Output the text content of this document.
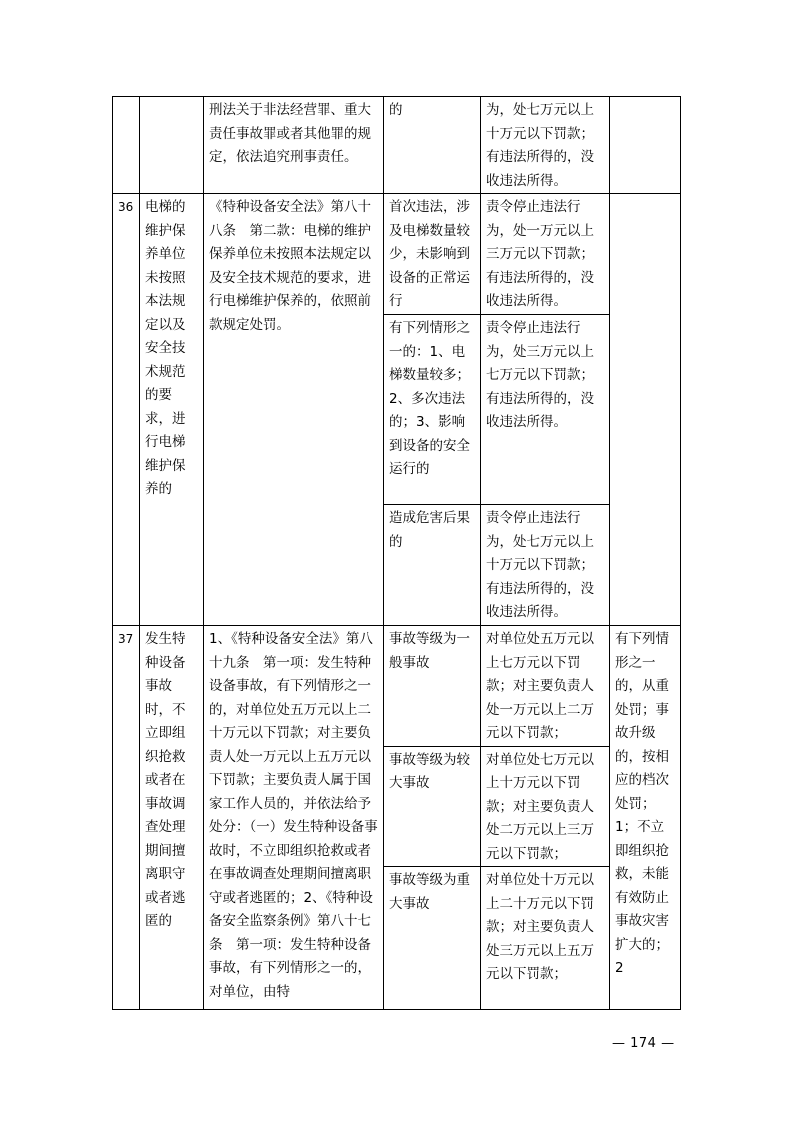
		刑法关于非法经营罪、重大责任事故罪或者其他罪的规定，依法追究刑事责任。	的	为，处七万元以上十万元以下罚款；有违法所得的，没收违法所得。	
36	电梯的维护保养单位未按照本法规定以及安全技术规范的要求，进行电梯维护保养的	《特种设备安全法》第八十八条　第二款：电梯的维护保养单位未按照本法规定以及安全技术规范的要求，进行电梯维护保养的，依照前款规定处罚。	首次违法，涉及电梯数量较少，未影响到设备的正常运行	责令停止违法行为，处一万元以上三万元以下罚款；有违法所得的，没收违法所得。	
			有下列情形之一的：1、电梯数量较多；2、多次违法的；3、影响到设备的安全运行的	责令停止违法行为，处三万元以上七万元以下罚款；有违法所得的，没收违法所得。	
			造成危害后果的	责令停止违法行为，处七万元以上十万元以下罚款；有违法所得的，没收违法所得。	
37	发生特种设备事故时，不立即组织抢救或者在事故调查处理期间擅离职守或者逃匿的	1、《特种设备安全法》第八十九条　第一项：发生特种设备事故，有下列情形之一的，对单位处五万元以上二十万元以下罚款；对主要负责人处一万元以上五万元以下罚款；主要负责人属于国家工作人员的，并依法给予处分：（一）发生特种设备事故时，不立即组织抢救或者在事故调查处理期间擅离职守或者逃匿的；2、《特种设备安全监察条例》第八十七条　第一项：发生特种设备事故，有下列情形之一的，对单位，由特	事故等级为一般事故	对单位处五万元以上七万元以下罚款；对主要负责人处一万元以上二万元以下罚款；	有下列情形之一的，从重处罚；事故升级的，按相应的档次处罚；1；不立即组织抢救，未能有效防止事故灾害扩大的；2
			事故等级为较大事故	对单位处七万元以上十万元以下罚款；对主要负责人处二万元以上三万元以下罚款；	
			事故等级为重大事故	对单位处十万元以上二十万元以下罚款；对主要负责人处三万元以上五万元以下罚款；	
— 174 —
